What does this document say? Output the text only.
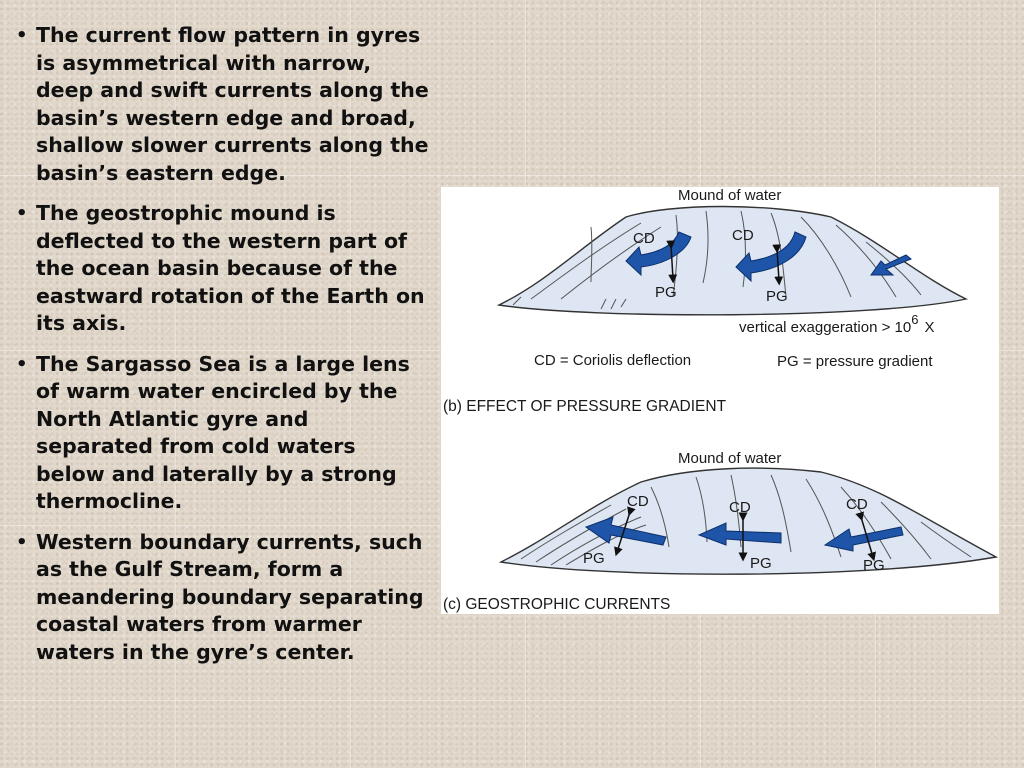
• The current flow pattern in gyres is asymmetrical with narrow, deep and swift currents along the basin’s western edge and broad, shallow slower currents along the basin’s eastern edge.
• The geostrophic mound is deflected to the western part of the ocean basin because of the eastward rotation of the Earth on its axis.
• The Sargasso Sea is a large lens of warm water encircled by the North Atlantic gyre and separated from cold waters below and laterally by a strong thermocline.
• Western boundary currents, such as the Gulf Stream, form a meandering boundary separating coastal waters from warmer waters in the gyre’s center.
Mound of water
CD	CD
PG	PG
vertical exaggeration > 106 X
CD = Coriolis deflection	PG = pressure gradient
(b) EFFECT OF PRESSURE GRADIENT
Mound of water
CD	CD	CD
PG	PG	PG
(c) GEOSTROPHIC CURRENTS
